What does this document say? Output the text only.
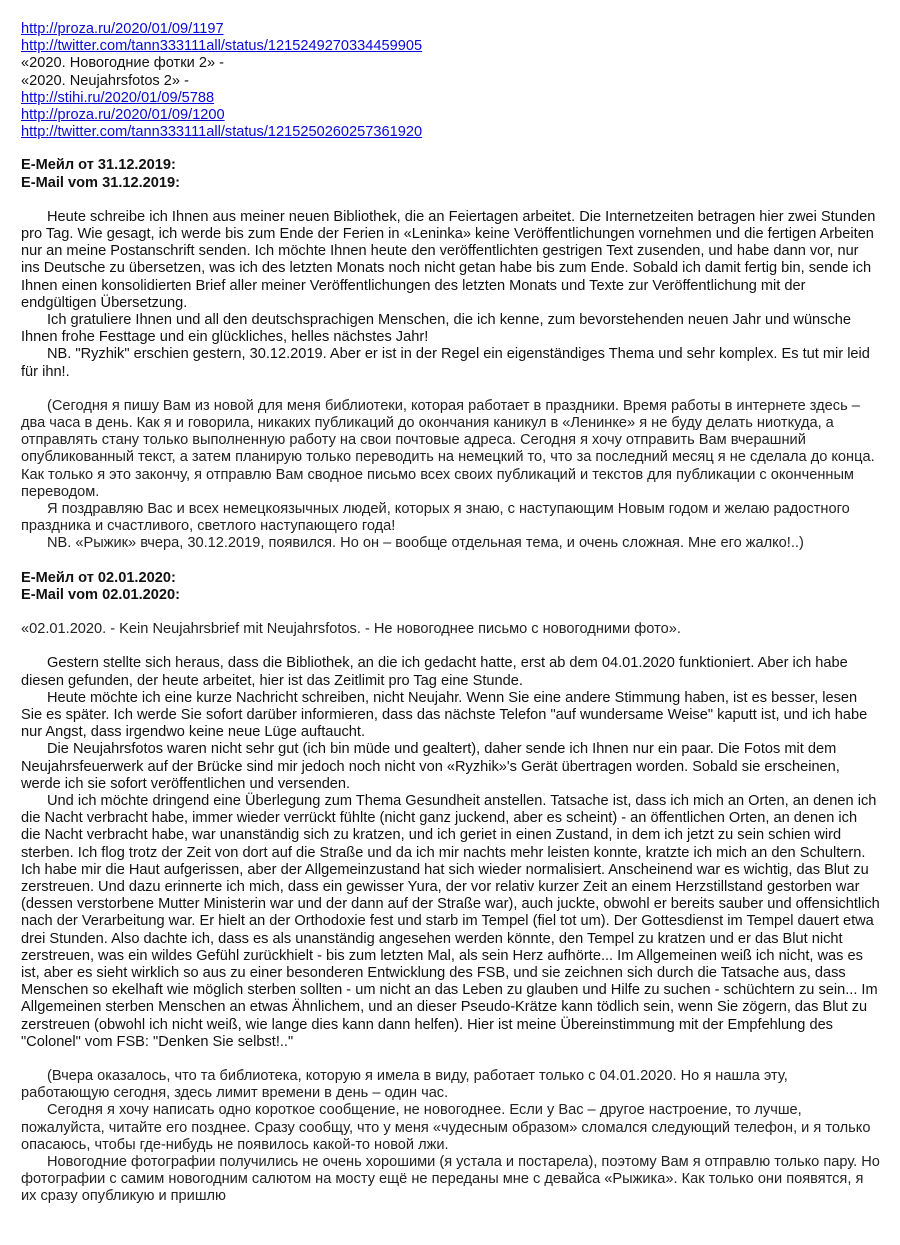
http://proza.ru/2020/01/09/1197
http://twitter.com/tann333111all/status/1215249270334459905
«2020. Новогодние фотки 2» -
«2020. Neujahrsfotos 2» -
http://stihi.ru/2020/01/09/5788
http://proza.ru/2020/01/09/1200
http://twitter.com/tann333111all/status/1215250260257361920
E-Мейл от 31.12.2019:
E-Mail vom 31.12.2019:

Heute schreibe ich Ihnen aus meiner neuen Bibliothek, die an Feiertagen arbeitet. Die Internetzeiten betragen hier zwei Stunden pro Tag. Wie gesagt, ich werde bis zum Ende der Ferien in «Leninka» keine Veröffentlichungen vornehmen und die fertigen Arbeiten nur an meine Postanschrift senden. Ich möchte Ihnen heute den veröffentlichten gestrigen Text zusenden, und habe dann vor, nur ins Deutsche zu übersetzen, was ich des letzten Monats noch nicht getan habe bis zum Ende. Sobald ich damit fertig bin, sende ich Ihnen einen konsolidierten Brief aller meiner Veröffentlichungen des letzten Monats und Texte zur Veröffentlichung mit der endgültigen Übersetzung.

Ich gratuliere Ihnen und all den deutschsprachigen Menschen, die ich kenne, zum bevorstehenden neuen Jahr und wünsche Ihnen frohe Festtage und ein glückliches, helles nächstes Jahr!

NB. "Ryzhik" erschien gestern, 30.12.2019. Aber er ist in der Regel ein eigenständiges Thema und sehr komplex. Es tut mir leid für ihn!.

(Сегодня я пишу Вам из новой для меня библиотеки, которая работает в праздники. Время работы в интернете здесь – два часа в день. Как я и говорила, никаких публикаций до окончания каникул в «Ленинке» я не буду делать ниоткуда, а отправлять стану только выполненную работу на свои почтовые адреса. Сегодня я хочу отправить Вам вчерашний опубликованный текст, а затем планирую только переводить на немецкий то, что за последний месяц я не сделала до конца. Как только я это закончу, я отправлю Вам сводное письмо всех своих публикаций и текстов для публикации с оконченным переводом.

Я поздравляю Вас и всех немецкоязычных людей, которых я знаю, с наступающим Новым годом и желаю радостного праздника и счастливого, светлого наступающего года!

NB. «Рыжик» вчера, 30.12.2019, появился. Но он – вообще отдельная тема, и очень сложная. Мне его жалко!..)

E-Мейл от 02.01.2020:
E-Mail vom 02.01.2020:

«02.01.2020. - Kein Neujahrsbrief mit Neujahrsfotos. - Не новогоднее письмо с новогодними фото».

Gestern stellte sich heraus, dass die Bibliothek, an die ich gedacht hatte, erst ab dem 04.01.2020 funktioniert. Aber ich habe diesen gefunden, der heute arbeitet, hier ist das Zeitlimit pro Tag eine Stunde.

Heute möchte ich eine kurze Nachricht schreiben, nicht Neujahr. Wenn Sie eine andere Stimmung haben, ist es besser, lesen Sie es später. Ich werde Sie sofort darüber informieren, dass das nächste Telefon "auf wundersame Weise" kaputt ist, und ich habe nur Angst, dass irgendwo keine neue Lüge auftaucht.

Die Neujahrsfotos waren nicht sehr gut (ich bin müde und gealtert), daher sende ich Ihnen nur ein paar. Die Fotos mit dem Neujahrsfeuerwerk auf der Brücke sind mir jedoch noch nicht von «Ryzhik»'s Gerät übertragen worden. Sobald sie erscheinen, werde ich sie sofort veröffentlichen und versenden.

Und ich möchte dringend eine Überlegung zum Thema Gesundheit anstellen. Tatsache ist, dass ich mich an Orten, an denen ich die Nacht verbracht habe, immer wieder verrückt fühlte (nicht ganz juckend, aber es scheint) - an öffentlichen Orten, an denen ich die Nacht verbracht habe, war unanständig sich zu kratzen, und ich geriet in einen Zustand, in dem ich jetzt zu sein schien wird sterben. Ich flog trotz der Zeit von dort auf die Straße und da ich mir nachts mehr leisten konnte, kratzte ich mich an den Schultern. Ich habe mir die Haut aufgerissen, aber der Allgemeinzustand hat sich wieder normalisiert. Anscheinend war es wichtig, das Blut zu zerstreuen. Und dazu erinnerte ich mich, dass ein gewisser Yura, der vor relativ kurzer Zeit an einem Herzstillstand gestorben war (dessen verstorbene Mutter Ministerin war und der dann auf der Straße war), auch juckte, obwohl er bereits sauber und offensichtlich nach der Verarbeitung war. Er hielt an der Orthodoxie fest und starb im Tempel (fiel tot um). Der Gottesdienst im Tempel dauert etwa drei Stunden. Also dachte ich, dass es als unanständig angesehen werden könnte, den Tempel zu kratzen und er das Blut nicht zerstreuen, was ein wildes Gefühl zurückhielt - bis zum letzten Mal, als sein Herz aufhörte... Im Allgemeinen weiß ich nicht, was es ist, aber es sieht wirklich so aus zu einer besonderen Entwicklung des FSB, und sie zeichnen sich durch die Tatsache aus, dass Menschen so ekelhaft wie möglich sterben sollten - um nicht an das Leben zu glauben und Hilfe zu suchen - schüchtern zu sein... Im Allgemeinen sterben Menschen an etwas Ähnlichem, und an dieser Pseudo-Krätze kann tödlich sein, wenn Sie zögern, das Blut zu zerstreuen (obwohl ich nicht weiß, wie lange dies kann dann helfen). Hier ist meine Übereinstimmung mit der Empfehlung des "Colonel" vom FSB: "Denken Sie selbst!.."

(Вчера оказалось, что та библиотека, которую я имела в виду, работает только с 04.01.2020. Но я нашла эту, работающую сегодня, здесь лимит времени в день – один час.

Сегодня я хочу написать одно короткое сообщение, не новогоднее. Если у Вас – другое настроение, то лучше, пожалуйста, читайте его позднее. Сразу сообщу, что у меня «чудесным образом» сломался следующий телефон, и я только опасаюсь, чтобы где-нибудь не появилось какой-то новой лжи.

Новогодние фотографии получились не очень хорошими (я устала и постарела), поэтому Вам я отправлю только пару. Но фотографии с самим новогодним салютом на мосту ещё не переданы мне с девайса «Рыжика». Как только они появятся, я их сразу опубликую и пришлю
